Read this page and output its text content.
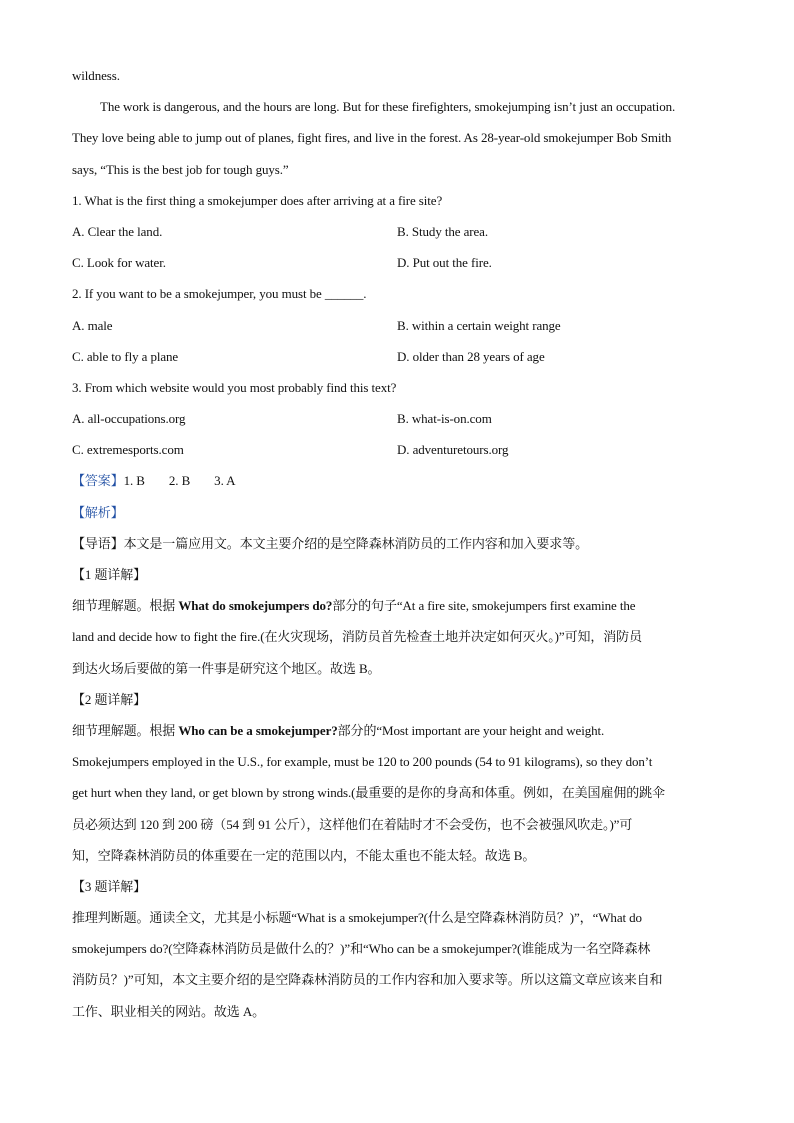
wildness.
The work is dangerous, and the hours are long. But for these firefighters, smokejumping isn’t just an occupation.
They love being able to jump out of planes, fight fires, and live in the forest. As 28-year-old smokejumper Bob Smith
says, “This is the best job for tough guys.”
1. What is the first thing a smokejumper does after arriving at a fire site?
A. Clear the land.	B. Study the area.
C. Look for water.	D. Put out the fire.
2. If you want to be a smokejumper, you must be ______.
A. male	B. within a certain weight range
C. able to fly a plane	D. older than 28 years of age
3. From which website would you most probably find this text?
A. all-occupations.org	B. what-is-on.com
C. extremesports.com	D. adventuretours.org
【答案】1. B 2. B 3. A
【解析】
【导语】本文是一篇应用文。本文主要介绍的是空降森林消防员的工作内容和加入要求等。
【1 题详解】
细节理解题。根据 What do smokejumpers do?部分的句子“At a fire site, smokejumpers first examine the
land and decide how to fight the fire.(在火灾现场，消防员首先检查土地并决定如何灭火。)”可知，消防员
到达火场后要做的第一件事是研究这个地区。故选 B。
【2 题详解】
细节理解题。根据 Who can be a smokejumper?部分的“Most important are your height and weight.
Smokejumpers employed in the U.S., for example, must be 120 to 200 pounds (54 to 91 kilograms), so they don’t
get hurt when they land, or get blown by strong winds.(最重要的是你的身高和体重。例如，在美国雇佣的跳伞
员必须达到 120 到 200 磅（54 到 91 公斤），这样他们在着陆时才不会受伤，也不会被强风吹走。)”可
知，空降森林消防员的体重要在一定的范围以内，不能太重也不能太轻。故选 B。
【3 题详解】
推理判断题。通读全文，尤其是小标题“What is a smokejumper?(什么是空降森林消防员？)”，“What do
smokejumpers do?(空降森林消防员是做什么的？)”和“Who can be a smokejumper?(谁能成为一名空降森林
消防员？)”可知，本文主要介绍的是空降森林消防员的工作内容和加入要求等。所以这篇文章应该来自和
工作、职业相关的网站。故选 A。
